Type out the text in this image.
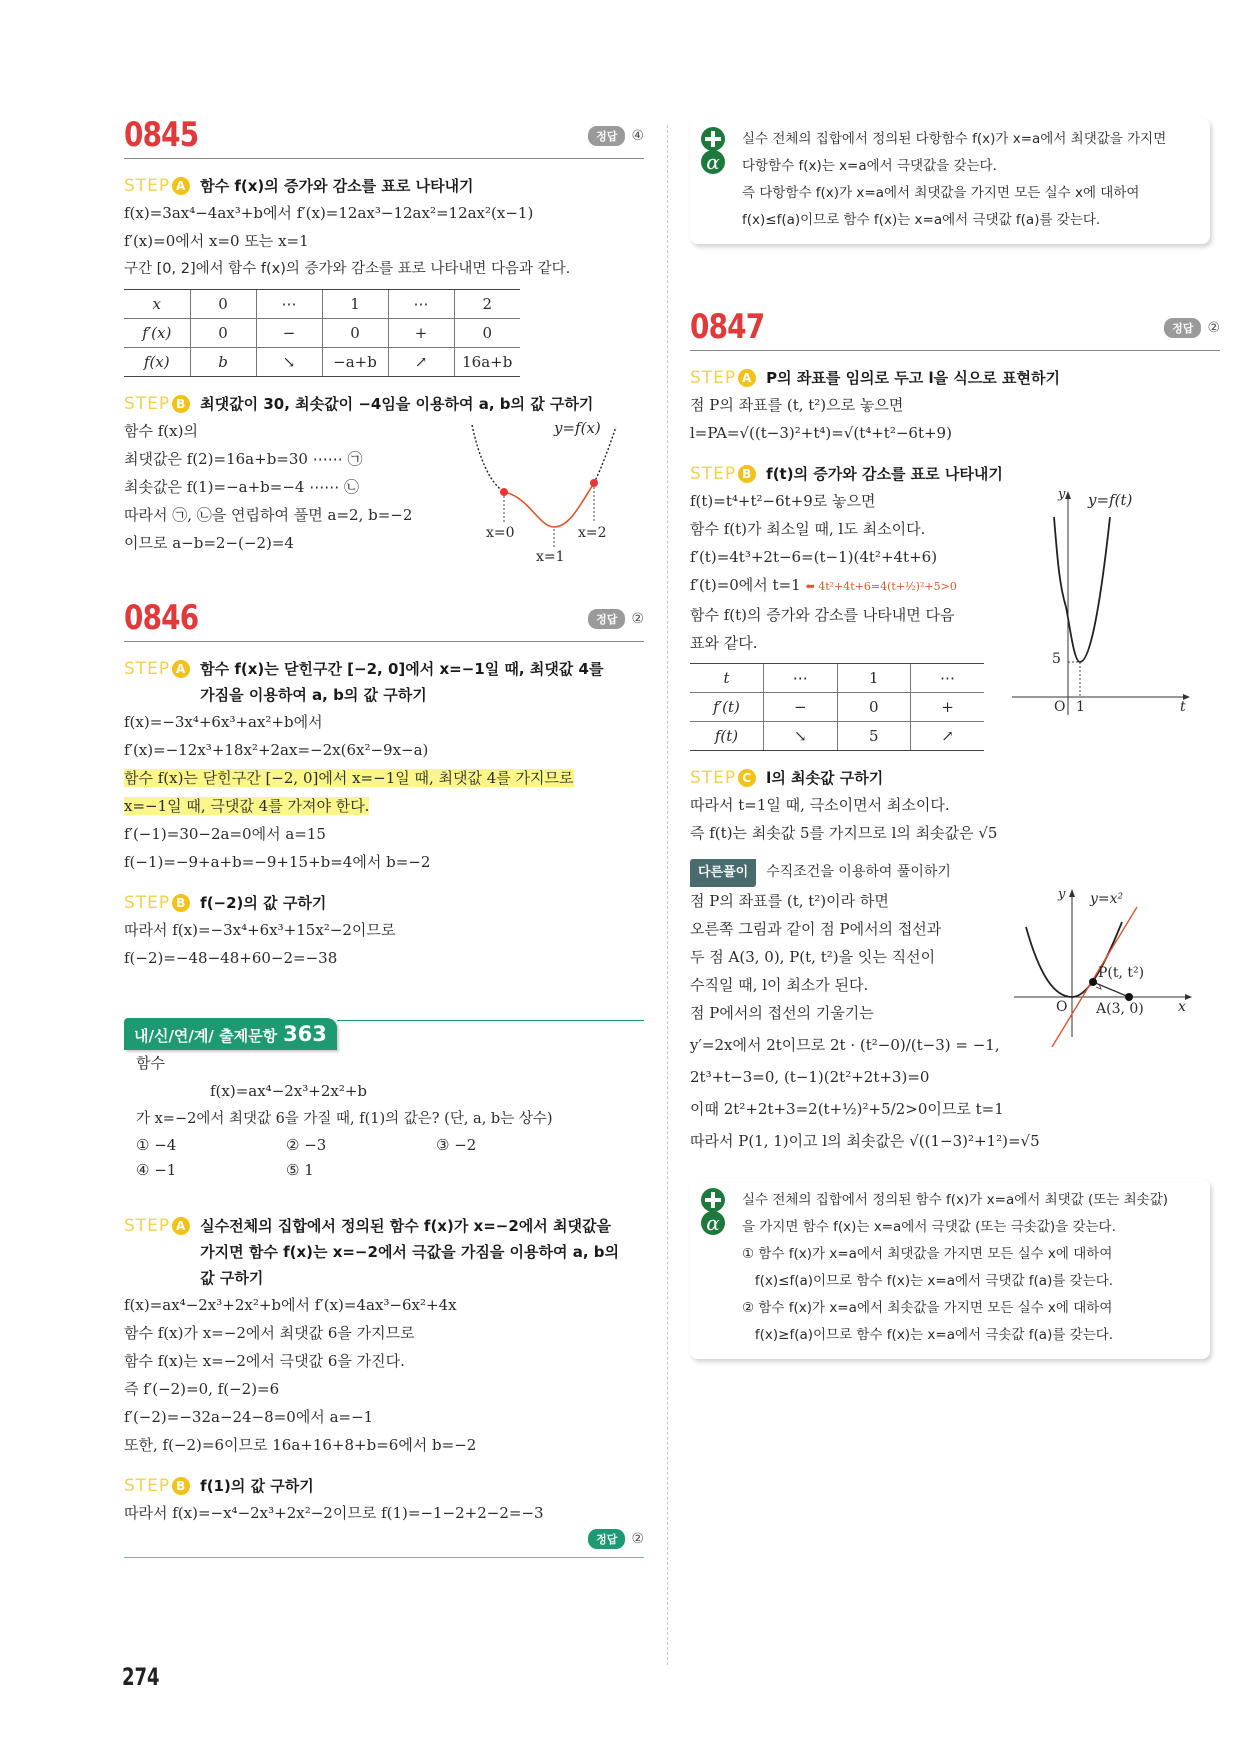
0845	정답	④
STEP A 함수 f(x)의 증가와 감소를 표로 나타내기
f(x)=3ax⁴−4ax³+b에서 f′(x)=12ax³−12ax²=12ax²(x−1)
f′(x)=0에서 x=0 또는 x=1
구간 [0, 2]에서 함수 f(x)의 증가와 감소를 표로 나타내면 다음과 같다.
x	0	⋯	1	⋯	2
f′(x)	0	−	0	+	0
f(x)	b	↘	−a+b	↗	16a+b
STEP B 최댓값이 30, 최솟값이 −4임을 이용하여 a, b의 값 구하기
함수 f(x)의
최댓값은 f(2)=16a+b=30 ⋯⋯ ㉠
최솟값은 f(1)=−a+b=−4 ⋯⋯ ㉡
따라서 ㉠, ㉡을 연립하여 풀면 a=2, b=−2
이므로 a−b=2−(−2)=4
y=f(x)
x=0
x=1
x=2
0846	정답	②
STEP A 함수 f(x)는 닫힌구간 [−2, 0]에서 x=−1일 때, 최댓값 4를
가짐을 이용하여 a, b의 값 구하기
f(x)=−3x⁴+6x³+ax²+b에서
f′(x)=−12x³+18x²+2ax=−2x(6x²−9x−a)
함수 f(x)는 닫힌구간 [−2, 0]에서 x=−1일 때, 최댓값 4를 가지므로
x=−1일 때, 극댓값 4를 가져야 한다.
f′(−1)=30−2a=0에서 a=15
f(−1)=−9+a+b=−9+15+b=4에서 b=−2
STEP B f(−2)의 값 구하기
따라서 f(x)=−3x⁴+6x³+15x²−2이므로
f(−2)=−48−48+60−2=−38
내/신/연/계/ 출제문항 363
함수
f(x)=ax⁴−2x³+2x²+b
가 x=−2에서 최댓값 6을 가질 때, f(1)의 값은? (단, a, b는 상수)
① −4	② −3	③ −2
④ −1	⑤ 1
STEP A 실수전체의 집합에서 정의된 함수 f(x)가 x=−2에서 최댓값을
가지면 함수 f(x)는 x=−2에서 극값을 가짐을 이용하여 a, b의
값 구하기
f(x)=ax⁴−2x³+2x²+b에서 f′(x)=4ax³−6x²+4x
함수 f(x)가 x=−2에서 최댓값 6을 가지므로
함수 f(x)는 x=−2에서 극댓값 6을 가진다.
즉 f′(−2)=0, f(−2)=6
f′(−2)=−32a−24−8=0에서 a=−1
또한, f(−2)=6이므로 16a+16+8+b=6에서 b=−2
STEP B f(1)의 값 구하기
따라서 f(x)=−x⁴−2x³+2x²−2이므로 f(1)=−1−2+2−2=−3
정답	②
274
α
실수 전체의 집합에서 정의된 다항함수 f(x)가 x=a에서 최댓값을 가지면
다항함수 f(x)는 x=a에서 극댓값을 갖는다.
즉 다항함수 f(x)가 x=a에서 최댓값을 가지면 모든 실수 x에 대하여
f(x)≤f(a)이므로 함수 f(x)는 x=a에서 극댓값 f(a)를 갖는다.
0847	정답	②
STEP A P의 좌표를 임의로 두고 l을 식으로 표현하기
점 P의 좌표를 (t, t²)으로 놓으면
l=PA=√((t−3)²+t⁴)=√(t⁴+t²−6t+9)
STEP B f(t)의 증가와 감소를 표로 나타내기
f(t)=t⁴+t²−6t+9로 놓으면
함수 f(t)가 최소일 때, l도 최소이다.
f′(t)=4t³+2t−6=(t−1)(4t²+4t+6)
f′(t)=0에서 t=1 ⬅ 4t²+4t+6=4(t+½)²+5>0
함수 f(t)의 증가와 감소를 나타내면 다음
표와 같다.
t	⋯	1	⋯
f′(t)	−	0	+
f(t)	↘	5	↗
y y=f(t)
5
O 1	t
STEP C l의 최솟값 구하기
따라서 t=1일 때, 극소이면서 최소이다.
즉 f(t)는 최솟값 5를 가지므로 l의 최솟값은 √5
다른풀이 수직조건을 이용하여 풀이하기
점 P의 좌표를 (t, t²)이라 하면
오른쪽 그림과 같이 점 P에서의 접선과
두 점 A(3, 0), P(t, t²)을 잇는 직선이
수직일 때, l이 최소가 된다.
점 P에서의 접선의 기울기는
y′=2x에서 2t이므로 2t · (t²−0)/(t−3) = −1,
2t³+t−3=0, (t−1)(2t²+2t+3)=0
이때 2t²+2t+3=2(t+½)²+5/2>0이므로 t=1
따라서 P(1, 1)이고 l의 최솟값은 √((1−3)²+1²)=√5
y y=x²
P(t, t²)
O A(3, 0) x
α
실수 전체의 집합에서 정의된 함수 f(x)가 x=a에서 최댓값 (또는 최솟값)
을 가지면 함수 f(x)는 x=a에서 극댓값 (또는 극솟값)을 갖는다.
① 함수 f(x)가 x=a에서 최댓값을 가지면 모든 실수 x에 대하여
f(x)≤f(a)이므로 함수 f(x)는 x=a에서 극댓값 f(a)를 갖는다.
② 함수 f(x)가 x=a에서 최솟값을 가지면 모든 실수 x에 대하여
f(x)≥f(a)이므로 함수 f(x)는 x=a에서 극솟값 f(a)를 갖는다.
